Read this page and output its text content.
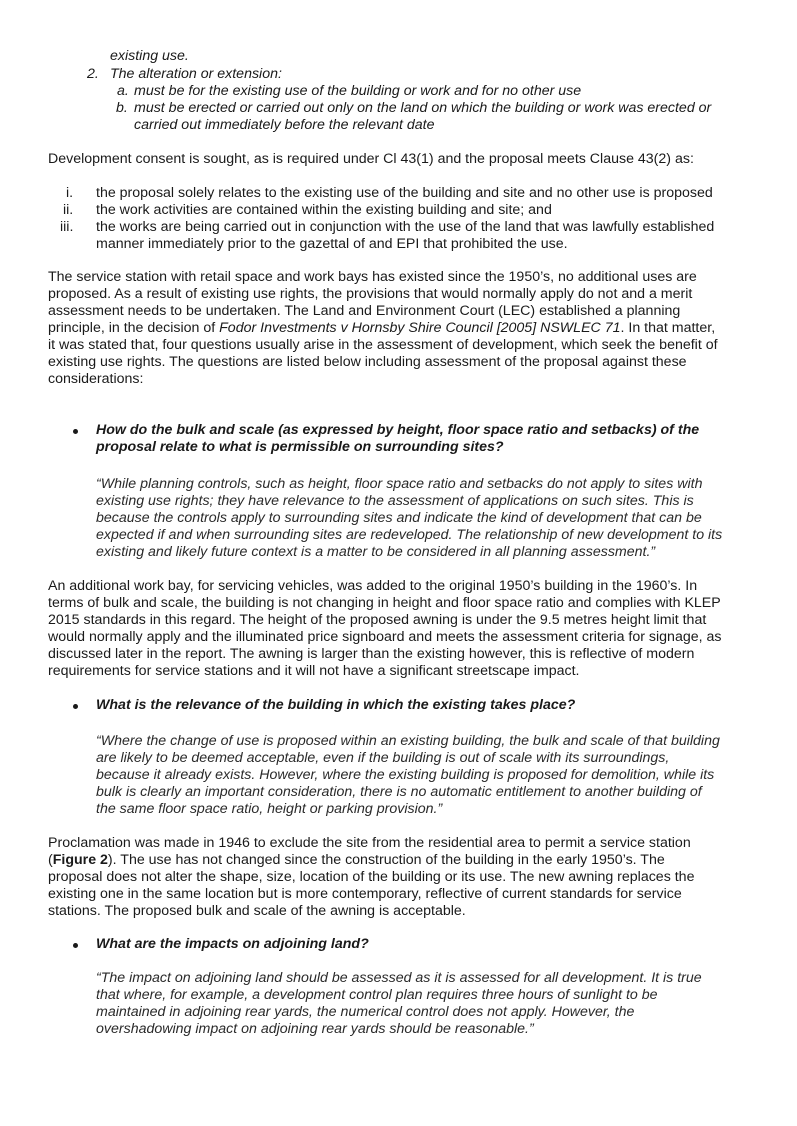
existing use.
2. The alteration or extension:
a. must be for the existing use of the building or work and for no other use
b. must be erected or carried out only on the land on which the building or work was erected or
carried out immediately before the relevant date
Development consent is sought, as is required under Cl 43(1) and the proposal meets Clause 43(2) as:
i. the proposal solely relates to the existing use of the building and site and no other use is proposed
ii. the work activities are contained within the existing building and site; and
iii. the works are being carried out in conjunction with the use of the land that was lawfully established
manner immediately prior to the gazettal of and EPI that prohibited the use.
The service station with retail space and work bays has existed since the 1950’s, no additional uses are
proposed. As a result of existing use rights, the provisions that would normally apply do not and a merit
assessment needs to be undertaken. The Land and Environment Court (LEC) established a planning
principle, in the decision of Fodor Investments v Hornsby Shire Council [2005] NSWLEC 71. In that matter,
it was stated that, four questions usually arise in the assessment of development, which seek the benefit of
existing use rights. The questions are listed below including assessment of the proposal against these
considerations:
How do the bulk and scale (as expressed by height, floor space ratio and setbacks) of the
proposal relate to what is permissible on surrounding sites?
“While planning controls, such as height, floor space ratio and setbacks do not apply to sites with
existing use rights; they have relevance to the assessment of applications on such sites. This is
because the controls apply to surrounding sites and indicate the kind of development that can be
expected if and when surrounding sites are redeveloped. The relationship of new development to its
existing and likely future context is a matter to be considered in all planning assessment.”
An additional work bay, for servicing vehicles, was added to the original 1950’s building in the 1960’s. In
terms of bulk and scale, the building is not changing in height and floor space ratio and complies with KLEP
2015 standards in this regard. The height of the proposed awning is under the 9.5 metres height limit that
would normally apply and the illuminated price signboard and meets the assessment criteria for signage, as
discussed later in the report. The awning is larger than the existing however, this is reflective of modern
requirements for service stations and it will not have a significant streetscape impact.
What is the relevance of the building in which the existing takes place?
“Where the change of use is proposed within an existing building, the bulk and scale of that building
are likely to be deemed acceptable, even if the building is out of scale with its surroundings,
because it already exists. However, where the existing building is proposed for demolition, while its
bulk is clearly an important consideration, there is no automatic entitlement to another building of
the same floor space ratio, height or parking provision.”
Proclamation was made in 1946 to exclude the site from the residential area to permit a service station
(Figure 2). The use has not changed since the construction of the building in the early 1950’s. The
proposal does not alter the shape, size, location of the building or its use. The new awning replaces the
existing one in the same location but is more contemporary, reflective of current standards for service
stations. The proposed bulk and scale of the awning is acceptable.
What are the impacts on adjoining land?
“The impact on adjoining land should be assessed as it is assessed for all development. It is true
that where, for example, a development control plan requires three hours of sunlight to be
maintained in adjoining rear yards, the numerical control does not apply. However, the
overshadowing impact on adjoining rear yards should be reasonable.”
